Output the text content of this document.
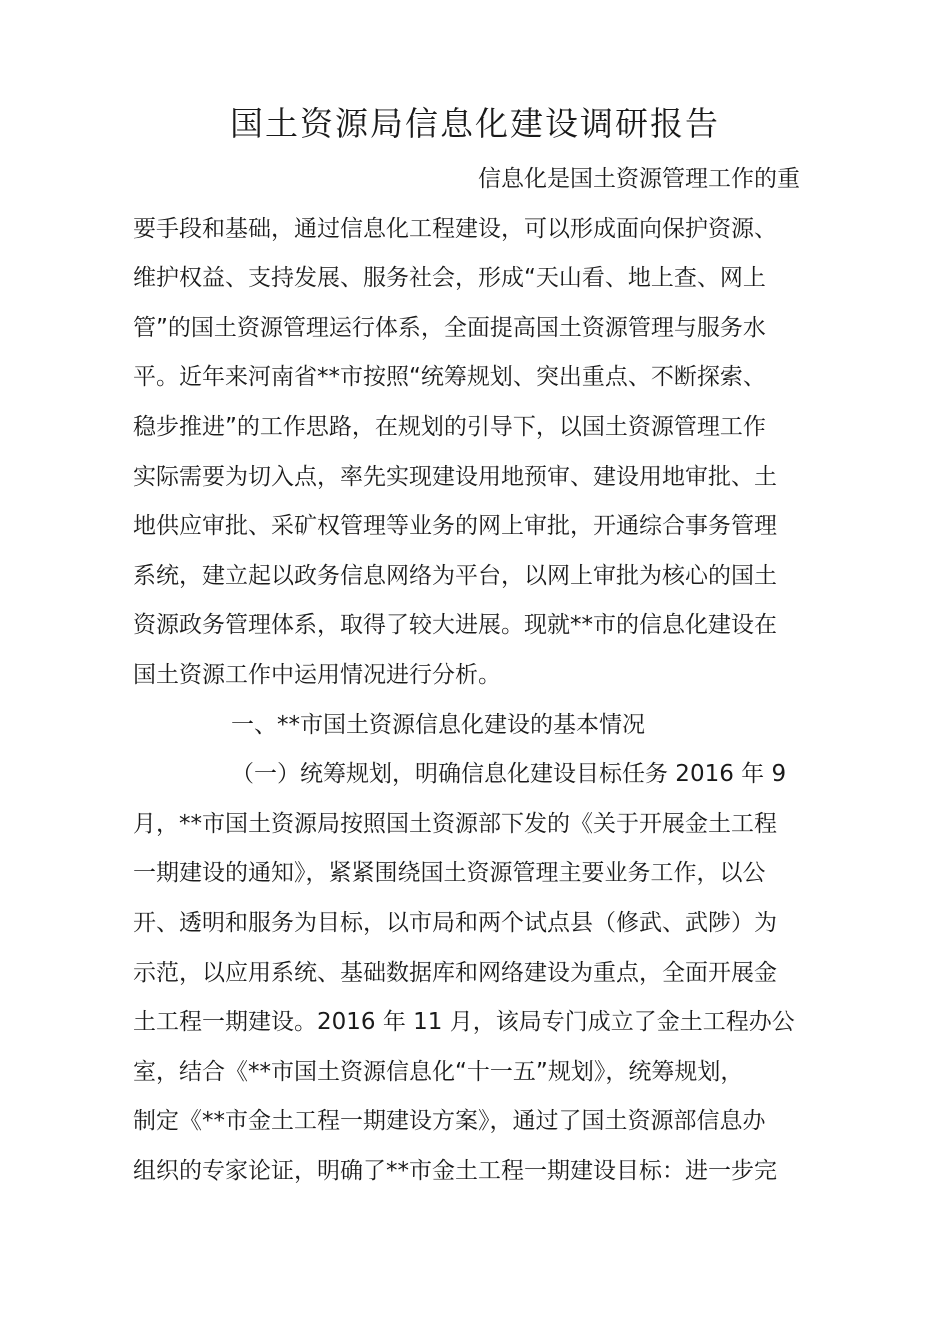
国土资源局信息化建设调研报告
信息化是国土资源管理工作的重
要手段和基础，通过信息化工程建设，可以形成面向保护资源、
维护权益、支持发展、服务社会，形成“天山看、地上查、网上
管”的国土资源管理运行体系，全面提高国土资源管理与服务水
平。近年来河南省**市按照“统筹规划、突出重点、不断探索、
稳步推进”的工作思路，在规划的引导下，以国土资源管理工作
实际需要为切入点，率先实现建设用地预审、建设用地审批、土
地供应审批、采矿权管理等业务的网上审批，开通综合事务管理
系统，建立起以政务信息网络为平台，以网上审批为核心的国土
资源政务管理体系，取得了较大进展。现就**市的信息化建设在
国土资源工作中运用情况进行分析。
一、**市国土资源信息化建设的基本情况
（一）统筹规划，明确信息化建设目标任务 2016 年 9
月，**市国土资源局按照国土资源部下发的《关于开展金土工程
一期建设的通知》，紧紧围绕国土资源管理主要业务工作，以公
开、透明和服务为目标，以市局和两个试点县（修武、武陟）为
示范，以应用系统、基础数据库和网络建设为重点，全面开展金
土工程一期建设。2016 年 11 月，该局专门成立了金土工程办公
室，结合《**市国土资源信息化“十一五”规划》，统筹规划，
制定《**市金土工程一期建设方案》，通过了国土资源部信息办
组织的专家论证，明确了**市金土工程一期建设目标：进一步完
